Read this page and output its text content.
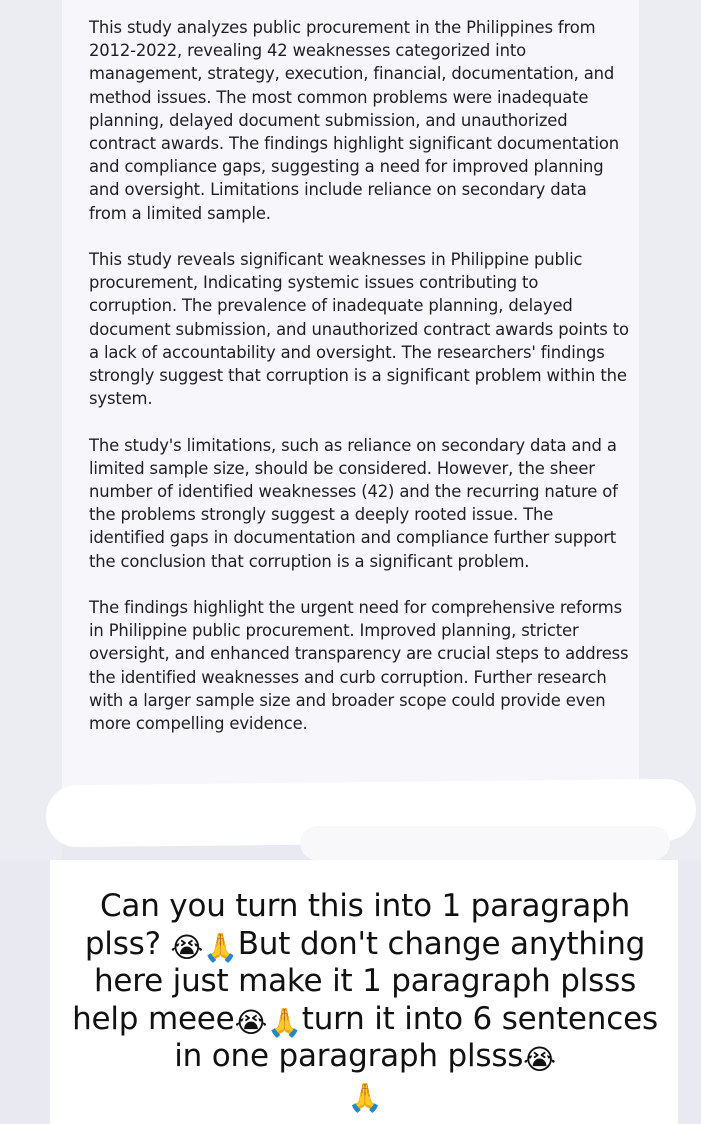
This study analyzes public procurement in the Philippines from 2012-2022, revealing 42 weaknesses categorized into management, strategy, execution, financial, documentation, and method issues. The most common problems were inadequate planning, delayed document submission, and unauthorized contract awards. The findings highlight significant documentation and compliance gaps, suggesting a need for improved planning and oversight. Limitations include reliance on secondary data from a limited sample.

This study reveals significant weaknesses in Philippine public procurement, Indicating systemic issues contributing to corruption. The prevalence of inadequate planning, delayed document submission, and unauthorized contract awards points to a lack of accountability and oversight. The researchers' findings strongly suggest that corruption is a significant problem within the system.

The study's limitations, such as reliance on secondary data and a limited sample size, should be considered. However, the sheer number of identified weaknesses (42) and the recurring nature of the problems strongly suggest a deeply rooted issue. The identified gaps in documentation and compliance further support the conclusion that corruption is a significant problem.

The findings highlight the urgent need for comprehensive reforms in Philippine public procurement. Improved planning, stricter oversight, and enhanced transparency are crucial steps to address the identified weaknesses and curb corruption. Further research with a larger sample size and broader scope could provide even more compelling evidence.

Can you turn this into 1 paragraph plss? 😭🙏But don't change anything here just make it 1 paragraph plsss help meee😭🙏turn it into 6 sentences in one paragraph plsss😭
🙏
